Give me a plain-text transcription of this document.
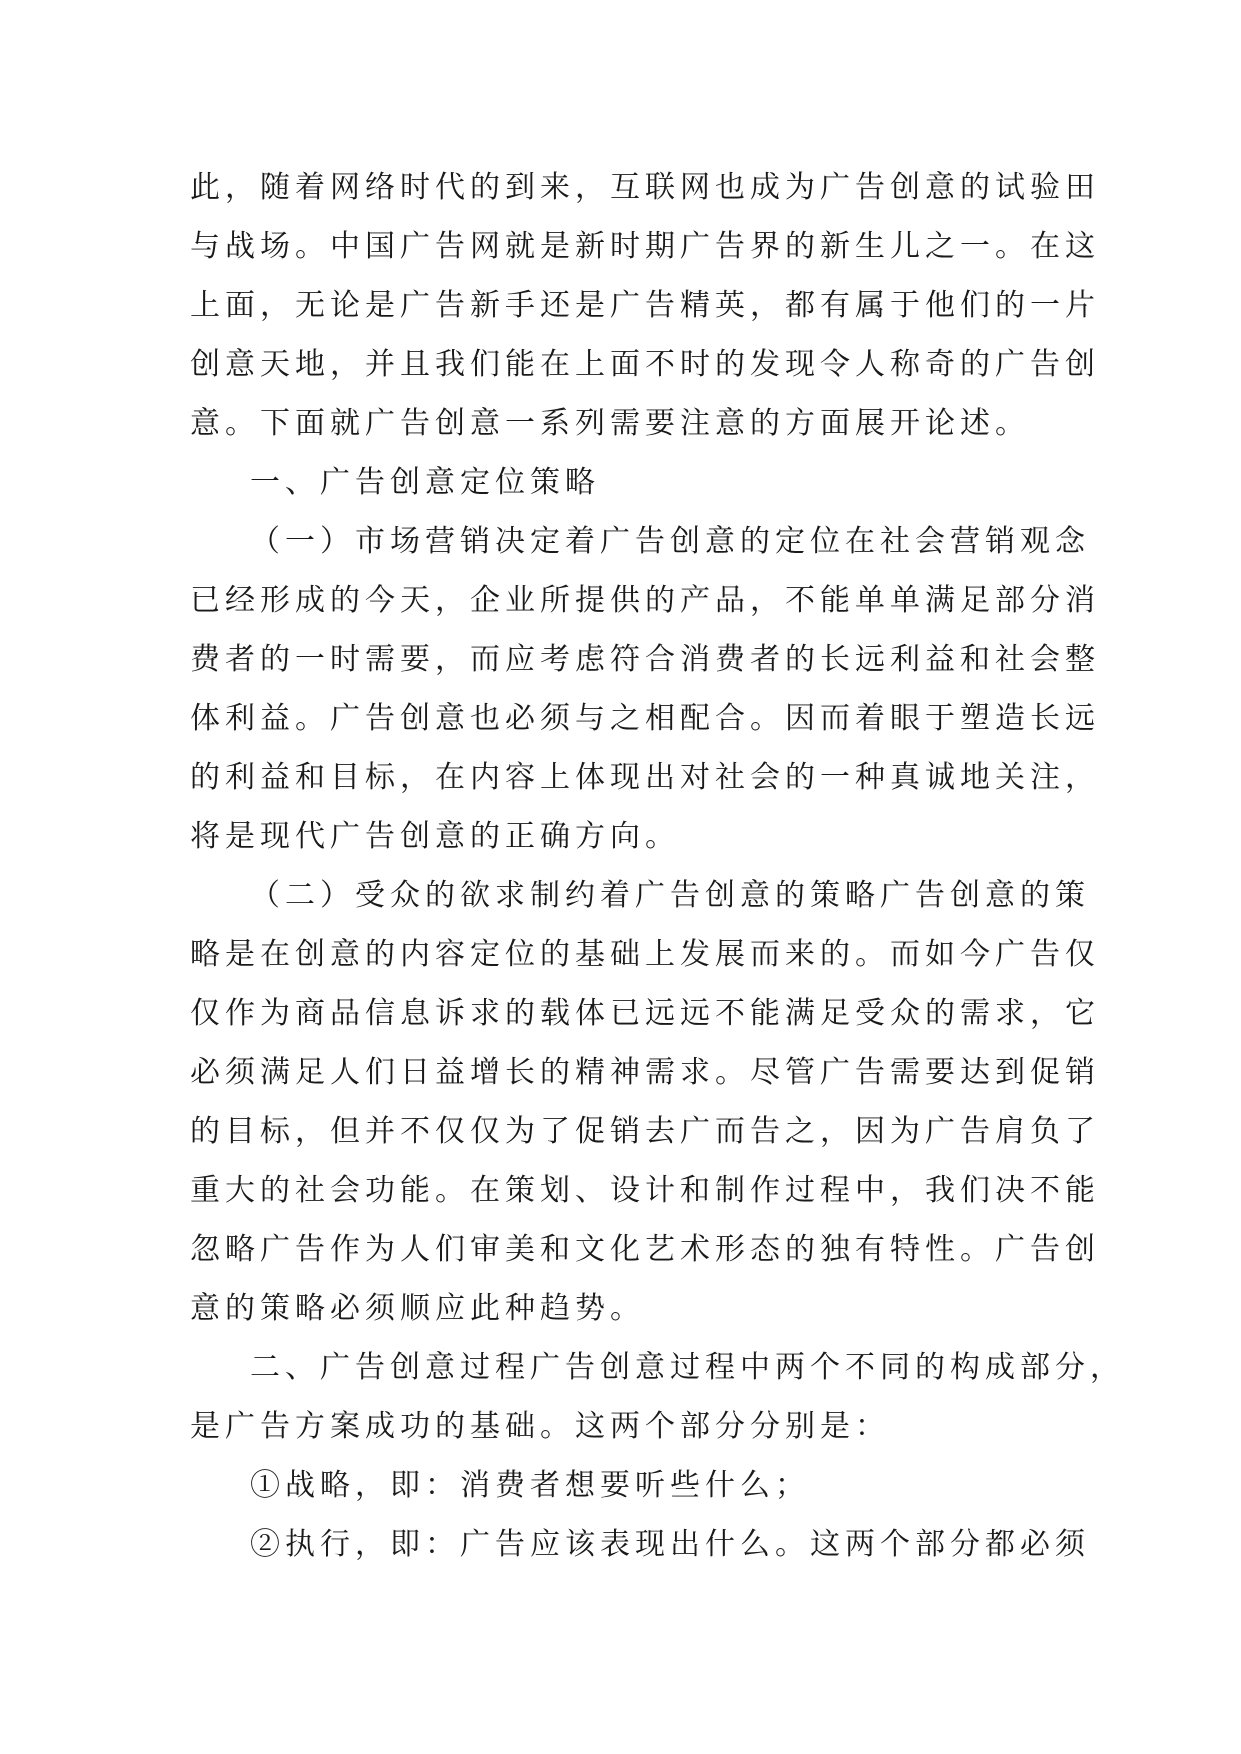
此，随着网络时代的到来，互联网也成为广告创意的试验田
与战场。中国广告网就是新时期广告界的新生儿之一。在这
上面，无论是广告新手还是广告精英，都有属于他们的一片
创意天地，并且我们能在上面不时的发现令人称奇的广告创
意。下面就广告创意一系列需要注意的方面展开论述。
一、广告创意定位策略
（一）市场营销决定着广告创意的定位在社会营销观念
已经形成的今天，企业所提供的产品，不能单单满足部分消
费者的一时需要，而应考虑符合消费者的长远利益和社会整
体利益。广告创意也必须与之相配合。因而着眼于塑造长远
的利益和目标，在内容上体现出对社会的一种真诚地关注，
将是现代广告创意的正确方向。
（二）受众的欲求制约着广告创意的策略广告创意的策
略是在创意的内容定位的基础上发展而来的。而如今广告仅
仅作为商品信息诉求的载体已远远不能满足受众的需求，它
必须满足人们日益增长的精神需求。尽管广告需要达到促销
的目标，但并不仅仅为了促销去广而告之，因为广告肩负了
重大的社会功能。在策划、设计和制作过程中，我们决不能
忽略广告作为人们审美和文化艺术形态的独有特性。广告创
意的策略必须顺应此种趋势。
二、广告创意过程广告创意过程中两个不同的构成部分，
是广告方案成功的基础。这两个部分分别是：
①战略，即：消费者想要听些什么；
②执行，即：广告应该表现出什么。这两个部分都必须
